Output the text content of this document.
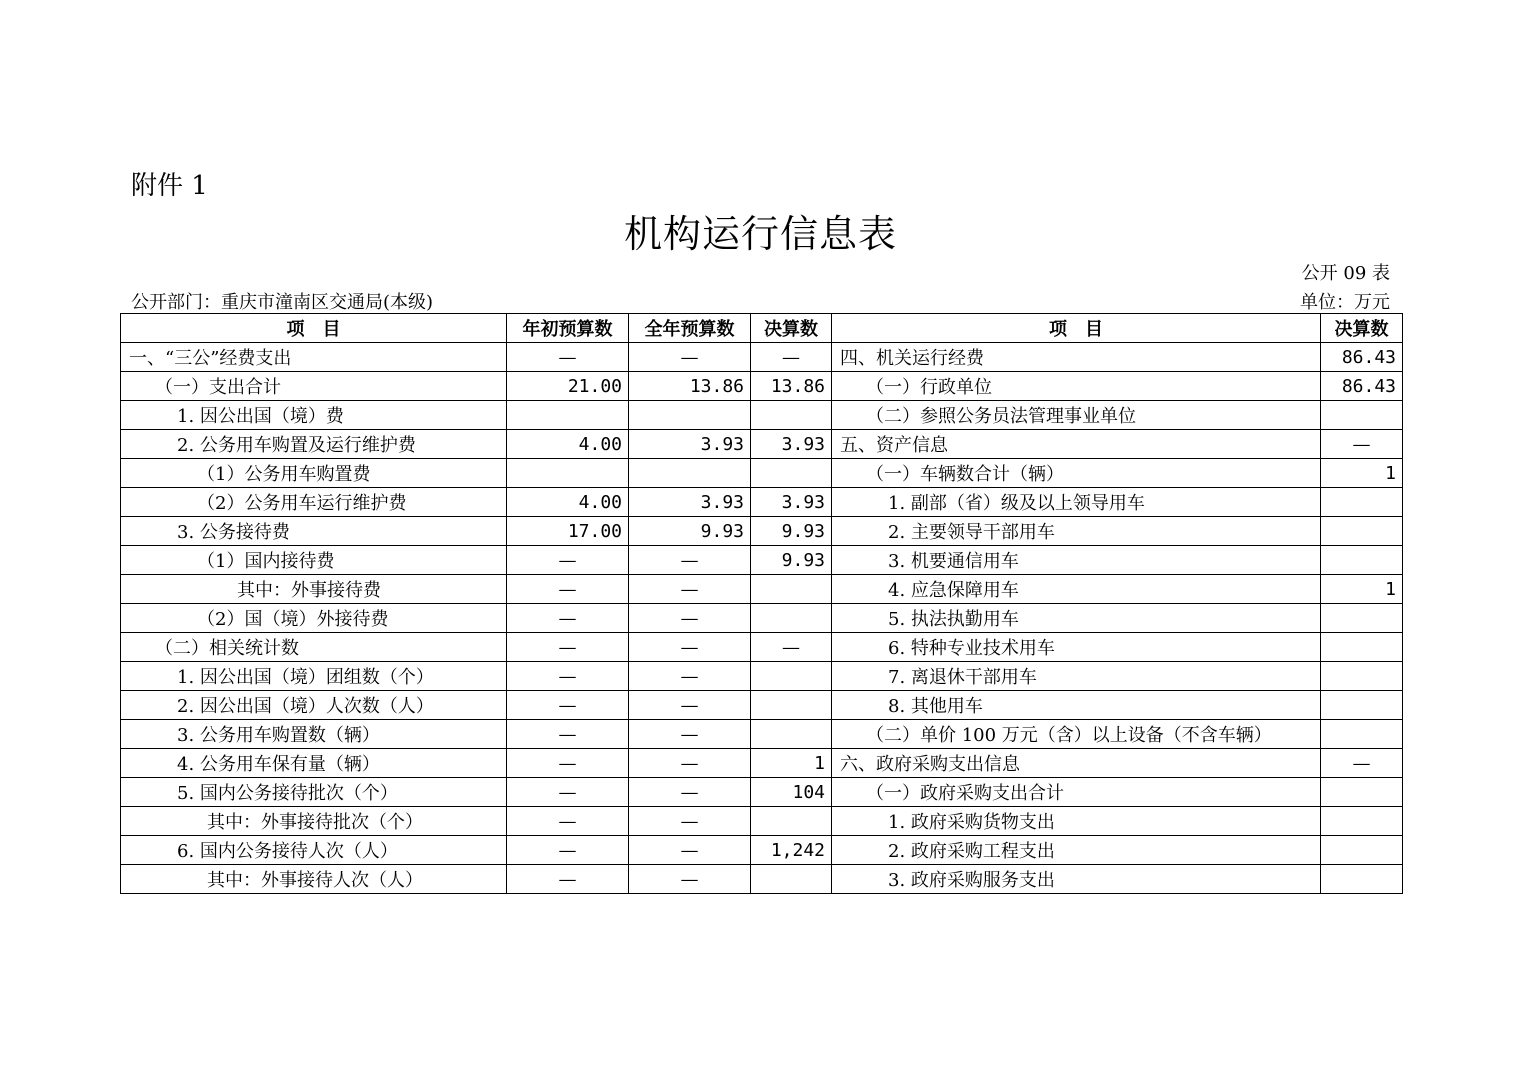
附件 1
机构运行信息表
公开 09 表
公开部门：重庆市潼南区交通局(本级)	单位：万元
项　目	年初预算数	全年预算数	决算数	项　目	决算数
一、“三公”经费支出	—	—	—	四、机关运行经费	86.43
（一）支出合计	21.00	13.86	13.86	（一）行政单位	86.43
1. 因公出国（境）费				（二）参照公务员法管理事业单位	
2. 公务用车购置及运行维护费	4.00	3.93	3.93	五、资产信息	—
（1）公务用车购置费				（一）车辆数合计（辆）	1
（2）公务用车运行维护费	4.00	3.93	3.93	1. 副部（省）级及以上领导用车	
3. 公务接待费	17.00	9.93	9.93	2. 主要领导干部用车	
（1）国内接待费	—	—	9.93	3. 机要通信用车	
其中：外事接待费	—	—		4. 应急保障用车	1
（2）国（境）外接待费	—	—		5. 执法执勤用车	
（二）相关统计数	—	—	—	6. 特种专业技术用车	
1. 因公出国（境）团组数（个）	—	—		7. 离退休干部用车	
2. 因公出国（境）人次数（人）	—	—		8. 其他用车	
3. 公务用车购置数（辆）	—	—		（二）单价 100 万元（含）以上设备（不含车辆）	
4. 公务用车保有量（辆）	—	—	1	六、政府采购支出信息	—
5. 国内公务接待批次（个）	—	—	104	（一）政府采购支出合计	
其中：外事接待批次（个）	—	—		1. 政府采购货物支出	
6. 国内公务接待人次（人）	—	—	1,242	2. 政府采购工程支出	
其中：外事接待人次（人）	—	—		3. 政府采购服务支出	
